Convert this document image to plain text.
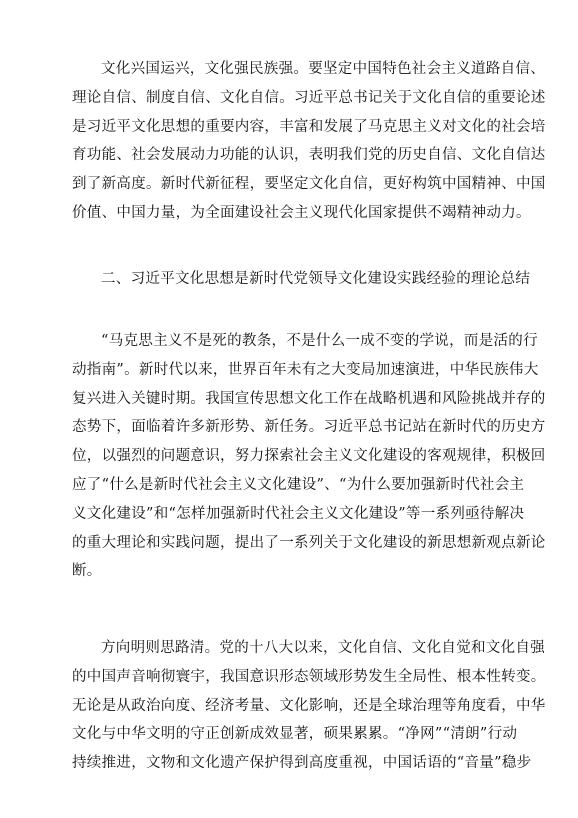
文化兴国运兴，文化强民族强。要坚定中国特色社会主义道路自信、
理论自信、制度自信、文化自信。习近平总书记关于文化自信的重要论述
是习近平文化思想的重要内容，丰富和发展了马克思主义对文化的社会培
育功能、社会发展动力功能的认识，表明我们党的历史自信、文化自信达
到了新高度。新时代新征程，要坚定文化自信，更好构筑中国精神、中国
价值、中国力量，为全面建设社会主义现代化国家提供不竭精神动力。
二、习近平文化思想是新时代党领导文化建设实践经验的理论总结
“马克思主义不是死的教条，不是什么一成不变的学说，而是活的行
动指南”。新时代以来，世界百年未有之大变局加速演进，中华民族伟大
复兴进入关键时期。我国宣传思想文化工作在战略机遇和风险挑战并存的
态势下，面临着许多新形势、新任务。习近平总书记站在新时代的历史方
位，以强烈的问题意识，努力探索社会主义文化建设的客观规律，积极回
应了“什么是新时代社会主义文化建设”、“为什么要加强新时代社会主
义文化建设”和“怎样加强新时代社会主义文化建设”等一系列亟待解决
的重大理论和实践问题，提出了一系列关于文化建设的新思想新观点新论
断。
方向明则思路清。党的十八大以来，文化自信、文化自觉和文化自强
的中国声音响彻寰宇，我国意识形态领域形势发生全局性、根本性转变。
无论是从政治向度、经济考量、文化影响，还是全球治理等角度看，中华
文化与中华文明的守正创新成效显著，硕果累累。“净网”“清朗”行动
持续推进，文物和文化遗产保护得到高度重视，中国话语的“音量”稳步
